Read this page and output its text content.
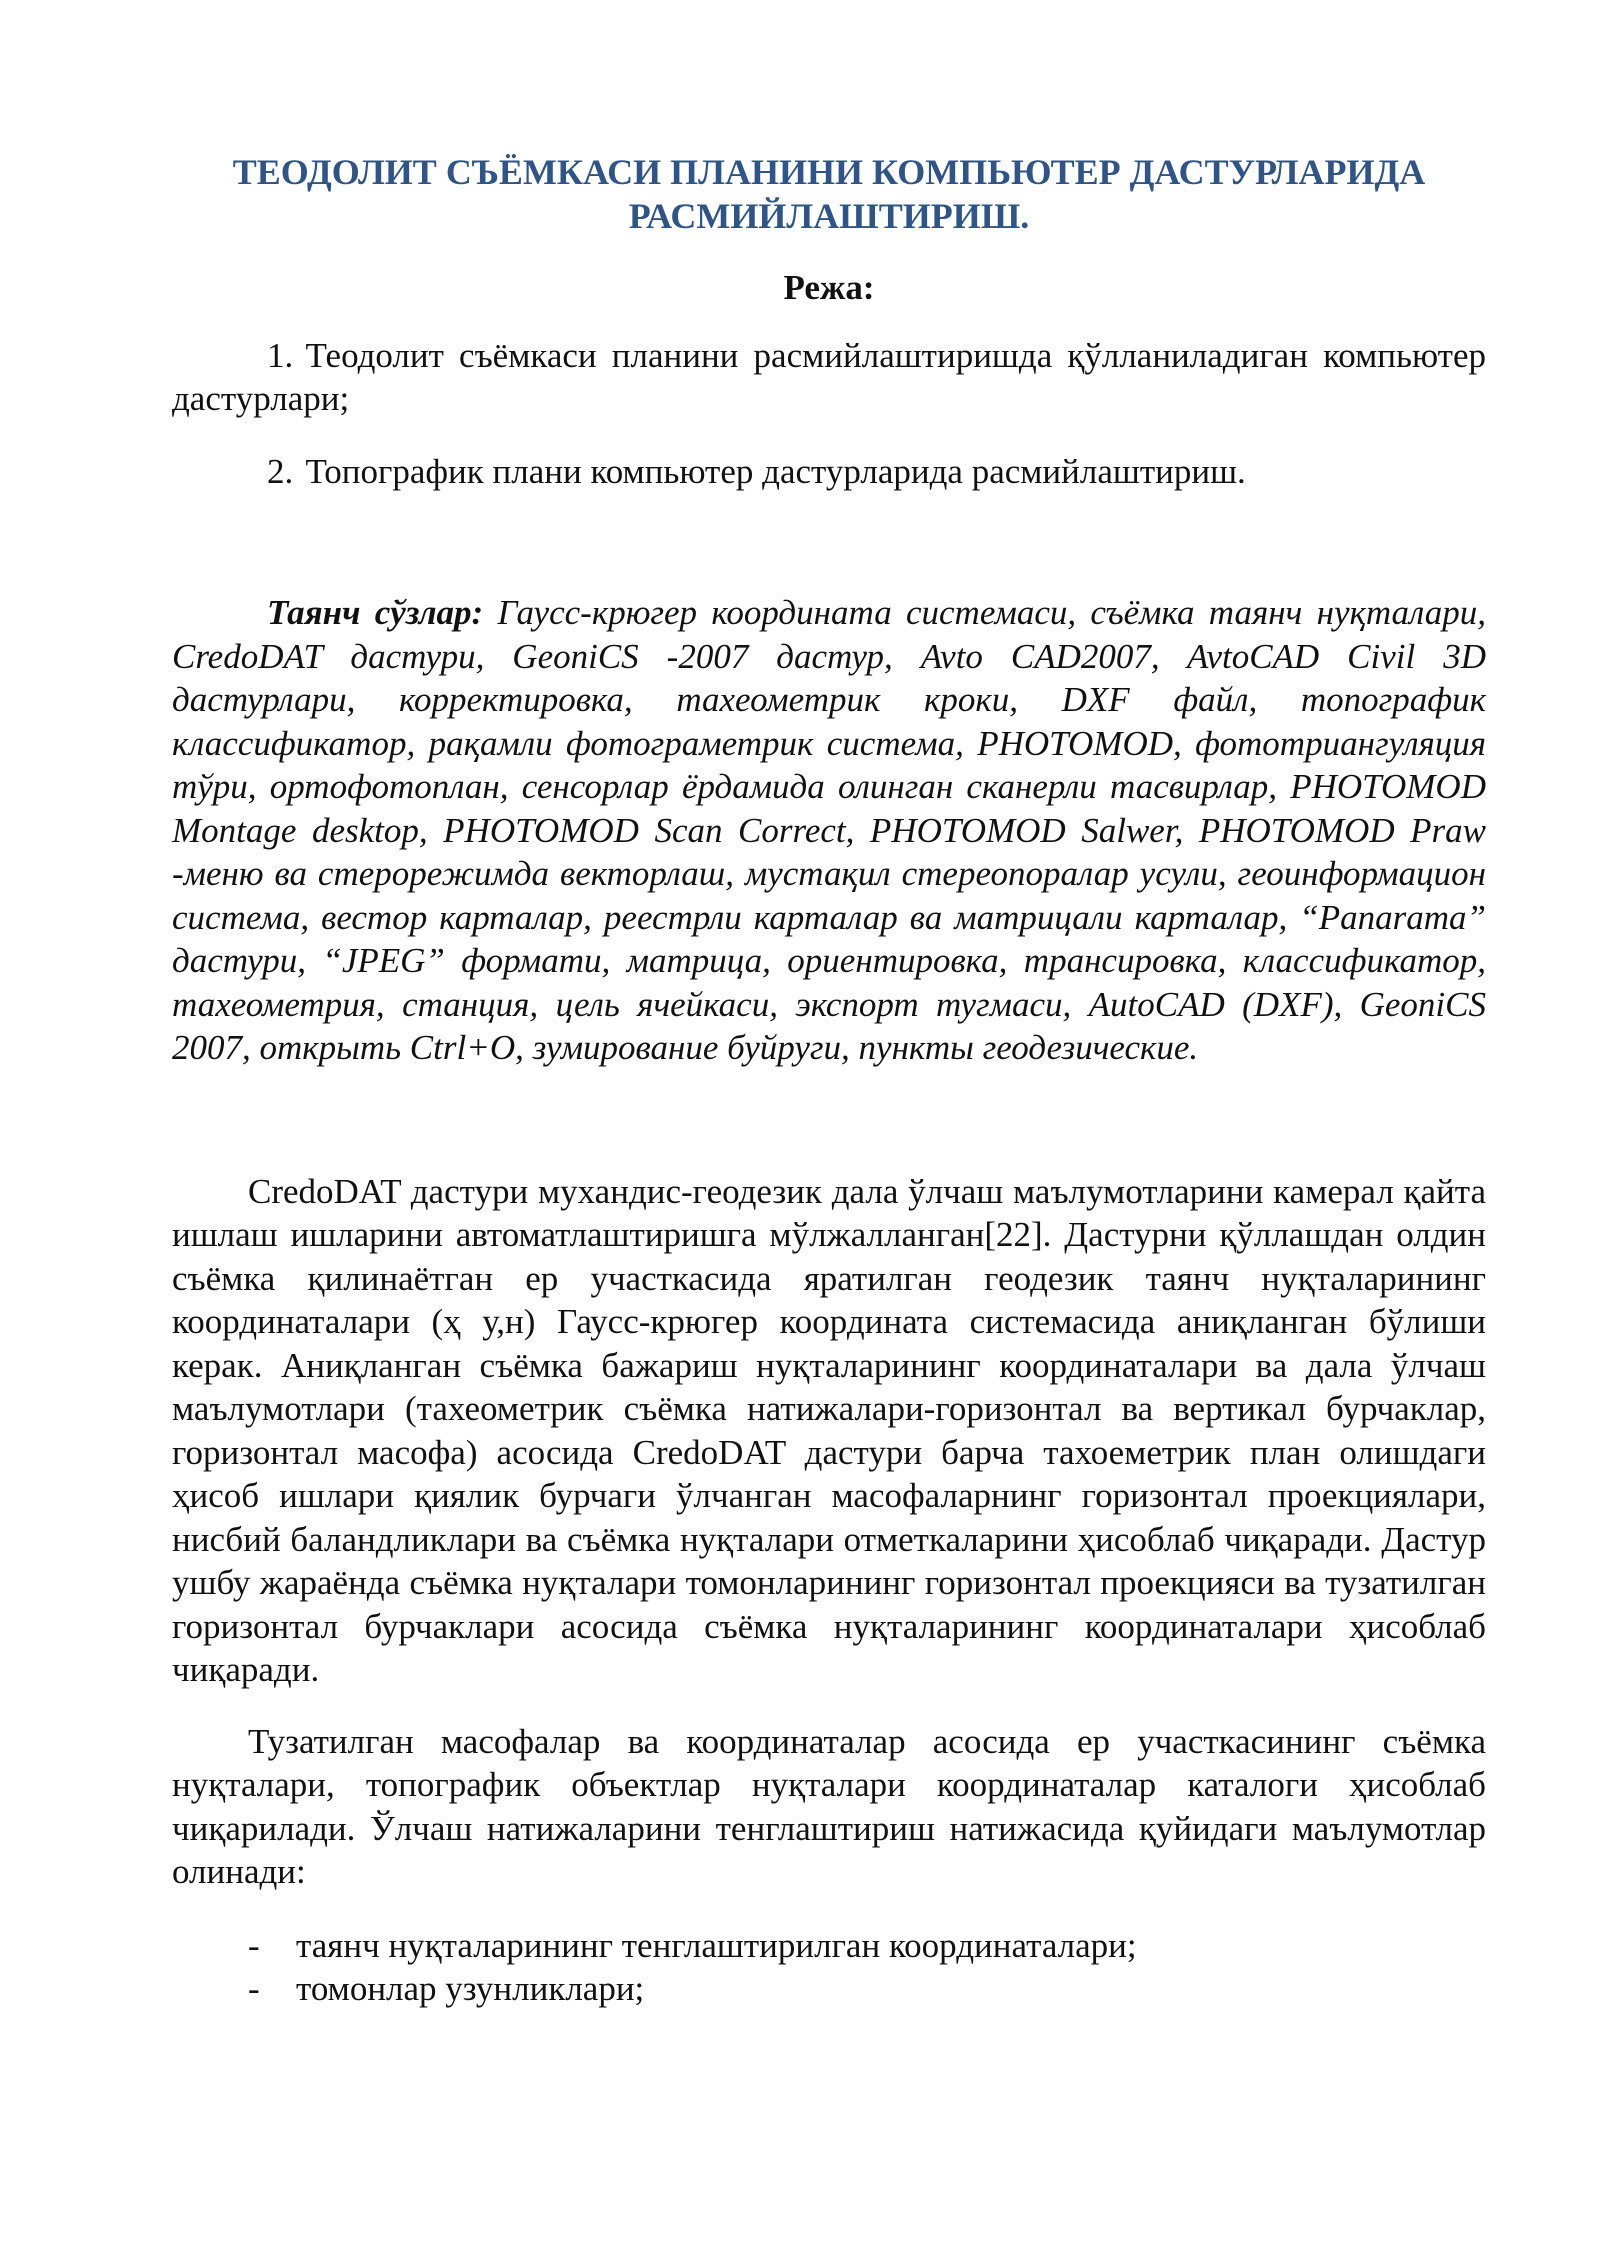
ТЕОДОЛИТ СЪЁМКАСИ ПЛАНИНИ КОМПЬЮТЕР ДАСТУРЛАРИДА РАСМИЙЛАШТИРИШ.

Режа:

1. Теодолит съёмкаси планини расмийлаштиришда қўлланиладиган компьютер дастурлари;
2. Топографик плани компьютер дастурларида расмийлаштириш.

Таянч сўзлар: Гаусс-крюгер координата системаси, съёмка таянч нуқталари, CredoDAT дастури, GeoniCS -2007 дастур, Avto CAD2007, AvtoCAD Civil 3D дастурлари, корректировка, тахеометрик кроки, DXF файл, топографик классификатор, рақамли фотограметрик система, PHOTOMOD, фототриангуляция тўри, ортофотоплан, сенсорлар ёрдамида олинган сканерли тасвирлар, PHOTOMOD Montage desktop, PHOTOMOD Scan Correct, PHOTOMOD Salwer, PHOTOMOD Praw -меню ва стерорежимда векторлаш, мустақил стереопоралар усули, геоинформацион система, вестор карталар, реестрли карталар ва матрицали карталар, “Panarama” дастури, “JPEG” формати, матрица, ориентировка, трансировка, классификатор, тахеометрия, станция, цель ячейкаси, экспорт тугмаси, AutoCAD (DXF), GeoniCS 2007, открыть Ctrl+O, зумирование буйруги, пункты геодезические.

CredoDAT дастури мухандис-геодезик дала ўлчаш маълумотларини камерал қайта ишлаш ишларини автоматлаштиришга мўлжалланган[22]. Дастурни қўллашдан олдин съёмка қилинаётган ер участкасида яратилган геодезик таянч нуқталарининг координаталари (ҳ у,н) Гаусс-крюгер координата системасида аниқланган бўлиши керак. Аниқланган съёмка бажариш нуқталарининг координаталари ва дала ўлчаш маълумотлари (тахеометрик съёмка натижалари-горизонтал ва вертикал бурчаклар, горизонтал масофа) асосида CredoDAT дастури барча тахоеметрик план олишдаги ҳисоб ишлари қиялик бурчаги ўлчанган масофаларнинг горизонтал проекциялари, нисбий баландликлари ва съёмка нуқталари отметкаларини ҳисоблаб чиқаради. Дастур ушбу жараёнда съёмка нуқталари томонларининг горизонтал проекцияси ва тузатилган горизонтал бурчаклари асосида съёмка нуқталарининг координаталари ҳисоблаб чиқаради.

Тузатилган масофалар ва координаталар асосида ер участкасининг съёмка нуқталари, топографик объектлар нуқталари координаталар каталоги ҳисоблаб чиқарилади. Ўлчаш натижаларини тенглаштириш натижасида қуйидаги маълумотлар олинади:

- таянч нуқталарининг тенглаштирилган координаталари;
- томонлар узунликлари;
